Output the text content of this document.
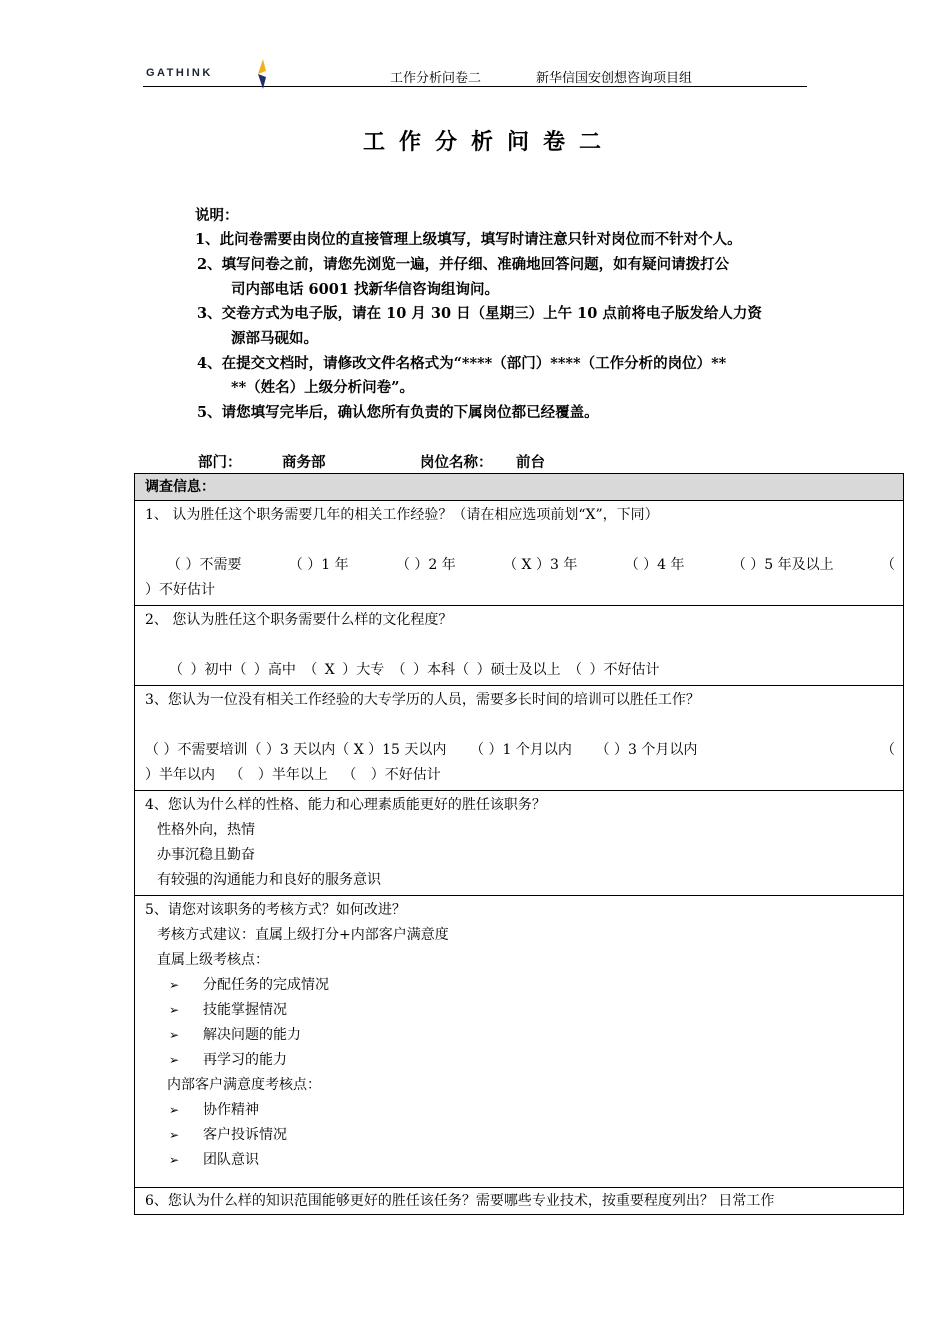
GATHINK	工作分析问卷二	新华信国安创想咨询项目组
工作分析问卷二
说明：
1、此问卷需要由岗位的直接管理上级填写，填写时请注意只针对岗位而不针对个人。
2、填写问卷之前，请您先浏览一遍，并仔细、准确地回答问题，如有疑问请拨打公
司内部电话 6001 找新华信咨询组询问。
3、交卷方式为电子版，请在 10 月 30 日（星期三）上午 10 点前将电子版发给人力资
源部马砚如。
4、在提交文档时，请修改文件名格式为“****（部门）****（工作分析的岗位）**
**（姓名）上级分析问卷”。
5、请您填写完毕后，确认您所有负责的下属岗位都已经覆盖。
部门：	商务部	岗位名称： 前台
调查信息：

1、 认为胜任这个职务需要几年的相关工作经验？（请在相应选项前划“X”，下同）
（ ）不需要	（ ）1 年	（ ）2 年	（ X ）3 年	（ ）4 年	（ ）5 年及以上	（
）不好估计

2、 您认为胜任这个职务需要什么样的文化程度？
（ ）初中（ ）高中 （ X ）大专 （ ）本科（ ）硕士及以上 （ ）不好估计

3、您认为一位没有相关工作经验的大专学历的人员，需要多长时间的培训可以胜任工作？
（ ）不需要培训（ ）3 天以内（ X ）15 天以内 （ ）1 个月以内 （ ）3 个月以内	（
）半年以内 （ ）半年以上 （ ）不好估计

4、您认为什么样的性格、能力和心理素质能更好的胜任该职务？
性格外向，热情
办事沉稳且勤奋
有较强的沟通能力和良好的服务意识

5、请您对该职务的考核方式？如何改进？
考核方式建议：直属上级打分+内部客户满意度
直属上级考核点：
➢ 分配任务的完成情况
➢ 技能掌握情况
➢ 解决问题的能力
➢ 再学习的能力
内部客户满意度考核点：
➢ 协作精神
➢ 客户投诉情况
➢ 团队意识

6、您认为什么样的知识范围能够更好的胜任该任务？需要哪些专业技术，按重要程度列出？ 日常工作
